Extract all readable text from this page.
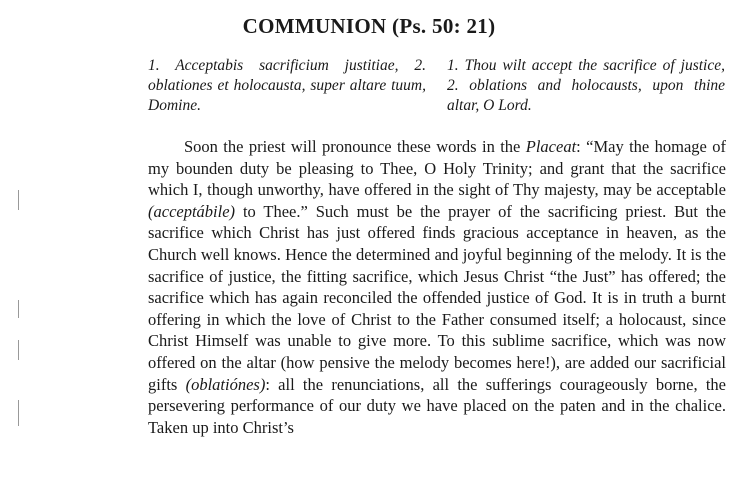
COMMUNION (Ps. 50: 21)
1. Acceptabis sacrificium justitiae, 2. oblationes et holocausta, super altare tuum, Domine.
1. Thou wilt accept the sacrifice of justice, 2. oblations and holocausts, upon thine altar, O Lord.

Soon the priest will pronounce these words in the Placeat: “May the homage of my bounden duty be pleasing to Thee, O Holy Trinity; and grant that the sacrifice which I, though unworthy, have offered in the sight of Thy majesty, may be acceptable (acceptábile) to Thee.” Such must be the prayer of the sacrificing priest. But the sacrifice which Christ has just offered finds gracious acceptance in heaven, as the Church well knows. Hence the determined and joyful beginning of the melody. It is the sacrifice of justice, the fitting sacrifice, which Jesus Christ “the Just” has offered; the sacrifice which has again reconciled the offended justice of God. It is in truth a burnt offering in which the love of Christ to the Father consumed itself; a holocaust, since Christ Himself was unable to give more. To this sublime sacrifice, which was now offered on the altar (how pensive the melody becomes here!), are added our sacrificial gifts (oblatiónes): all the renunciations, all the sufferings courageously borne, the persevering performance of our duty we have placed on the paten and in the chalice. Taken up into Christ’s
